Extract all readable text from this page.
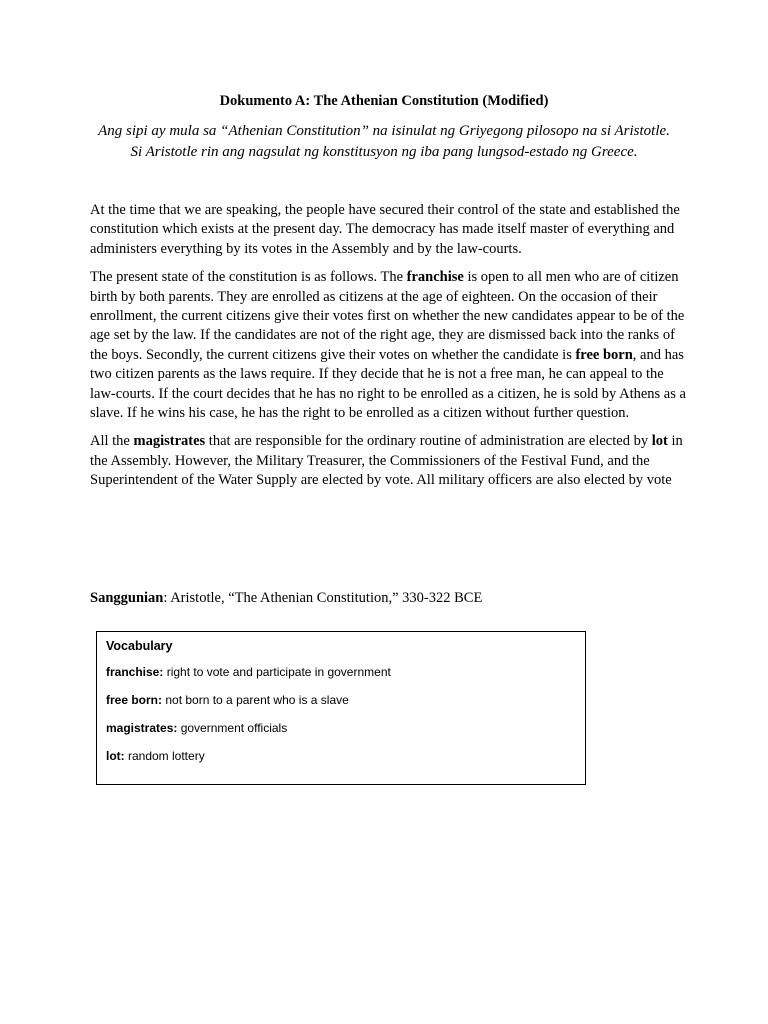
Dokumento A: The Athenian Constitution (Modified)

Ang sipi ay mula sa “Athenian Constitution” na isinulat ng Griyegong pilosopo na si Aristotle.
Si Aristotle rin ang nagsulat ng konstitusyon ng iba pang lungsod-estado ng Greece.

At the time that we are speaking, the people have secured their control of the state and established the constitution which exists at the present day. The democracy has made itself master of everything and administers everything by its votes in the Assembly and by the law-courts.

The present state of the constitution is as follows. The franchise is open to all men who are of citizen birth by both parents. They are enrolled as citizens at the age of eighteen. On the occasion of their enrollment, the current citizens give their votes first on whether the new candidates appear to be of the age set by the law. If the candidates are not of the right age, they are dismissed back into the ranks of the boys. Secondly, the current citizens give their votes on whether the candidate is free born, and has two citizen parents as the laws require. If they decide that he is not a free man, he can appeal to the law-courts. If the court decides that he has no right to be enrolled as a citizen, he is sold by Athens as a slave. If he wins his case, he has the right to be enrolled as a citizen without further question.

All the magistrates that are responsible for the ordinary routine of administration are elected by lot in the Assembly. However, the Military Treasurer, the Commissioners of the Festival Fund, and the Superintendent of the Water Supply are elected by vote. All military officers are also elected by vote

Sanggunian: Aristotle, “The Athenian Constitution,” 330-322 BCE

Vocabulary
franchise: right to vote and participate in government
free born: not born to a parent who is a slave
magistrates: government officials
lot: random lottery
